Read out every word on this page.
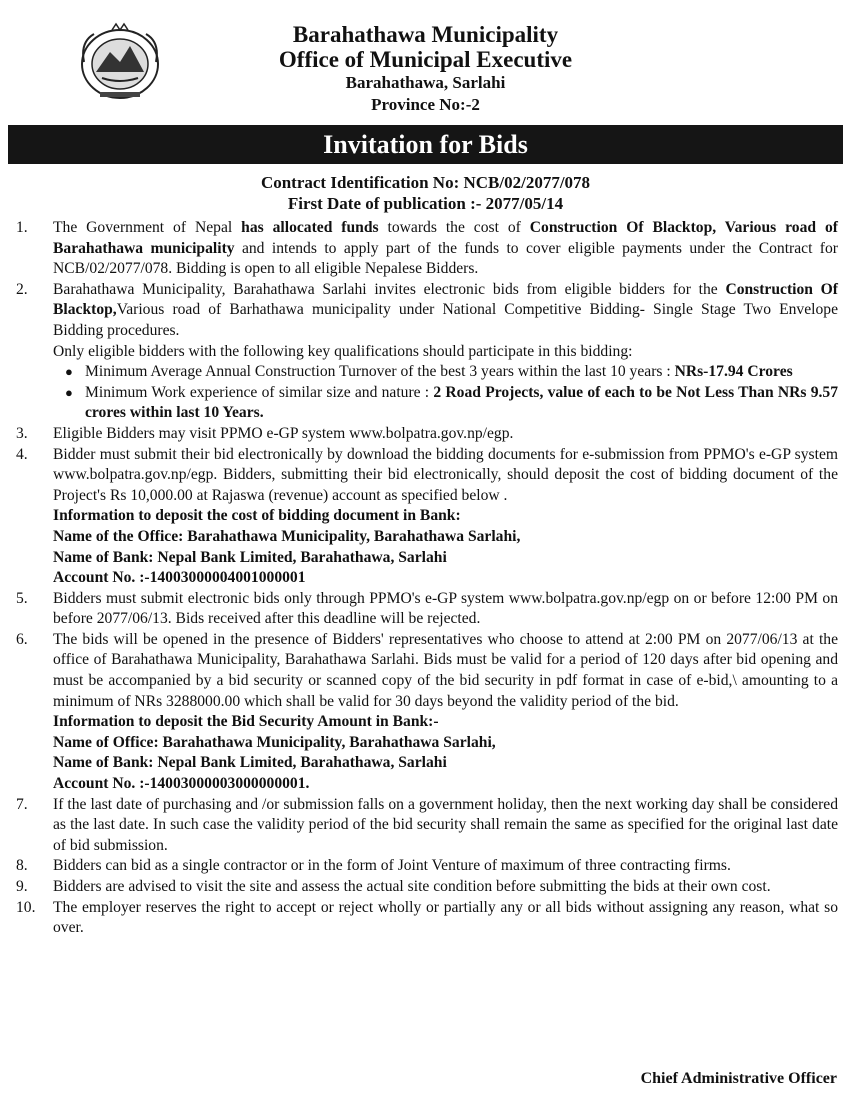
Barahathawa Municipality
Office of Municipal Executive
Barahathawa, Sarlahi
Province No:-2
Invitation for Bids
Contract Identification No: NCB/02/2077/078
First Date of publication :- 2077/05/14
1. The Government of Nepal has allocated funds towards the cost of Construction Of Blacktop, Various road of Barahathawa municipality and intends to apply part of the funds to cover eligible payments under the Contract for NCB/02/2077/078. Bidding is open to all eligible Nepalese Bidders.

2. Barahathawa Municipality, Barahathawa Sarlahi invites electronic bids from eligible bidders for the Construction Of Blacktop,Various road of Barhathawa municipality under National Competitive Bidding- Single Stage Two Envelope Bidding procedures.

Only eligible bidders with the following key qualifications should participate in this bidding:

● Minimum Average Annual Construction Turnover of the best 3 years within the last 10 years : NRs-17.94 Crores
● Minimum Work experience of similar size and nature : 2 Road Projects, value of each to be Not Less Than NRs 9.57 crores within last 10 Years.
3. Eligible Bidders may visit PPMO e-GP system www.bolpatra.gov.np/egp.

4. Bidder must submit their bid electronically by download the bidding documents for e-submission from PPMO's e-GP system www.bolpatra.gov.np/egp. Bidders, submitting their bid electronically, should deposit the cost of bidding document of the Project's Rs 10,000.00 at Rajaswa (revenue) account as specified below .

Information to deposit the cost of bidding document in Bank:

Name of the Office: Barahathawa Municipality, Barahathawa Sarlahi,

Name of Bank: Nepal Bank Limited, Barahathawa, Sarlahi

Account No. :-14003000004001000001

5. Bidders must submit electronic bids only through PPMO's e-GP system www.bolpatra.gov.np/egp on or before 12:00 PM on before 2077/06/13. Bids received after this deadline will be rejected.

6. The bids will be opened in the presence of Bidders' representatives who choose to attend at 2:00 PM on 2077/06/13 at the office of Barahathawa Municipality, Barahathawa Sarlahi. Bids must be valid for a period of 120 days after bid opening and must be accompanied by a bid security or scanned copy of the bid security in pdf format in case of e-bid,\ amounting to a minimum of NRs 3288000.00 which shall be valid for 30 days beyond the validity period of the bid.

Information to deposit the Bid Security Amount in Bank:-

Name of Office: Barahathawa Municipality, Barahathawa Sarlahi,

Name of Bank: Nepal Bank Limited, Barahathawa, Sarlahi

Account No. :-14003000003000000001.

7. If the last date of purchasing and /or submission falls on a government holiday, then the next working day shall be considered as the last date. In such case the validity period of the bid security shall remain the same as specified for the original last date of bid submission.

8. Bidders can bid as a single contractor or in the form of Joint Venture of maximum of three contracting firms.

9. Bidders are advised to visit the site and assess the actual site condition before submitting the bids at their own cost.

10. The employer reserves the right to accept or reject wholly or partially any or all bids without assigning any reason, what so over.

Chief Administrative Officer
